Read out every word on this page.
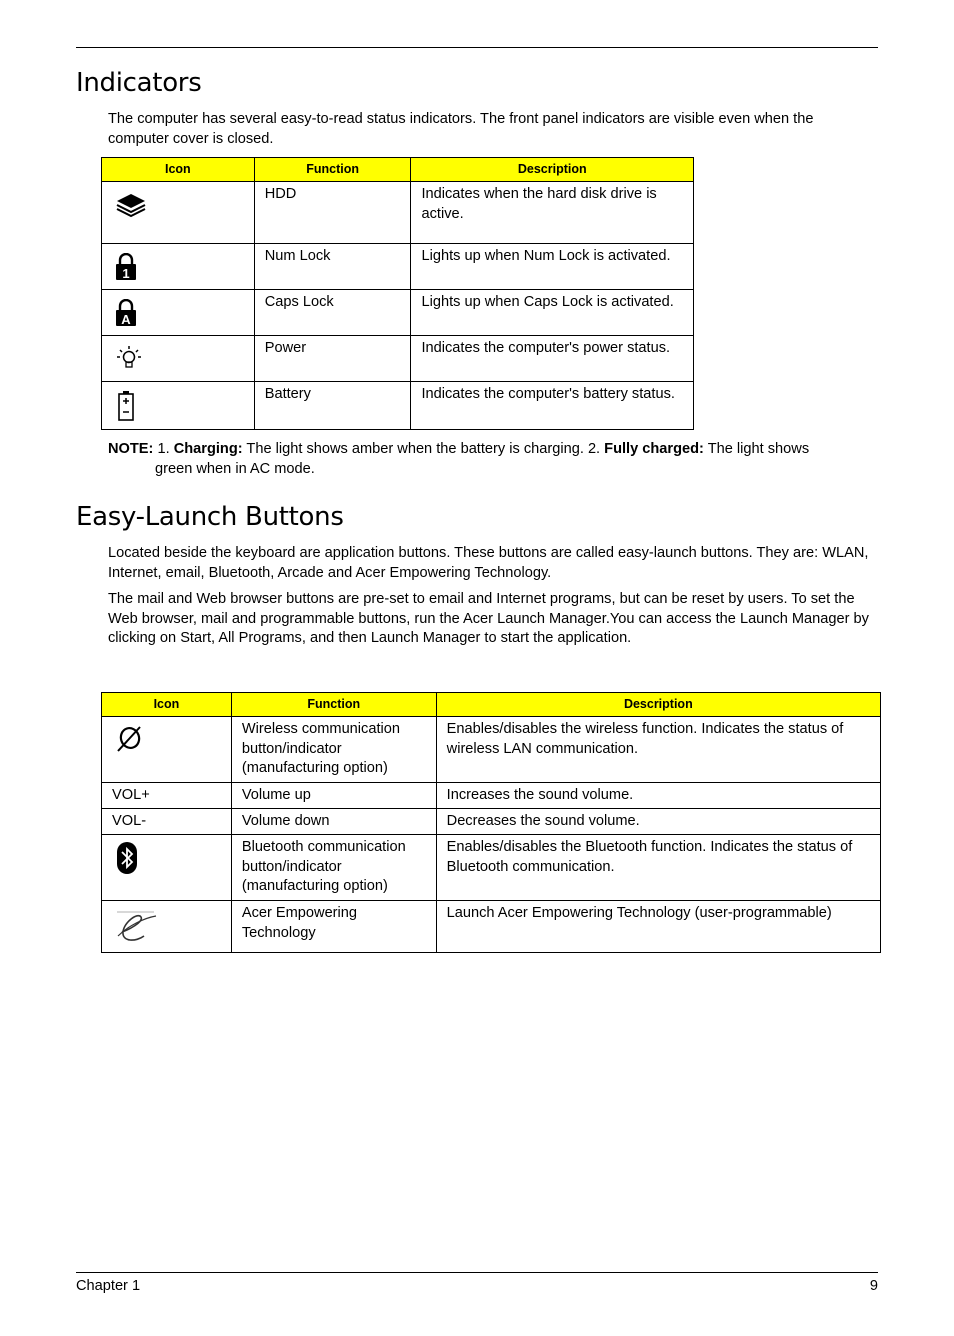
Indicators

The computer has several easy-to-read status indicators. The front panel indicators are visible even when the computer cover is closed.

Icon	Function	Description

	HDD	Indicates when the hard disk drive is active.

1	Num Lock	Lights up when Num Lock is activated.

A	Caps Lock	Lights up when Caps Lock is activated.

	Power	Indicates the computer's power status.

	Battery	Indicates the computer's battery status.
NOTE: 1. Charging: The light shows amber when the battery is charging. 2. Fully charged: The light shows
green when in AC mode.
Easy-Launch Buttons

Located beside the keyboard are application buttons. These buttons are called easy-launch buttons. They are: WLAN, Internet, email, Bluetooth, Arcade and Acer Empowering Technology.

The mail and Web browser buttons are pre-set to email and Internet programs, but can be reset by users. To set the Web browser, mail and programmable buttons, run the Acer Launch Manager.You can access the Launch Manager by clicking on Start, All Programs, and then Launch Manager to start the application.

Icon	Function	Description

	Wireless communication button/indicator (manufacturing option)	Enables/disables the wireless function. Indicates the status of wireless LAN communication.
VOL+	Volume up	Increases the sound volume.
VOL-	Volume down	Decreases the sound volume.

	Bluetooth communication button/indicator (manufacturing option)	Enables/disables the Bluetooth function. Indicates the status of Bluetooth communication.

	Acer Empowering Technology	Launch Acer Empowering Technology (user-programmable)
Chapter 1	9
